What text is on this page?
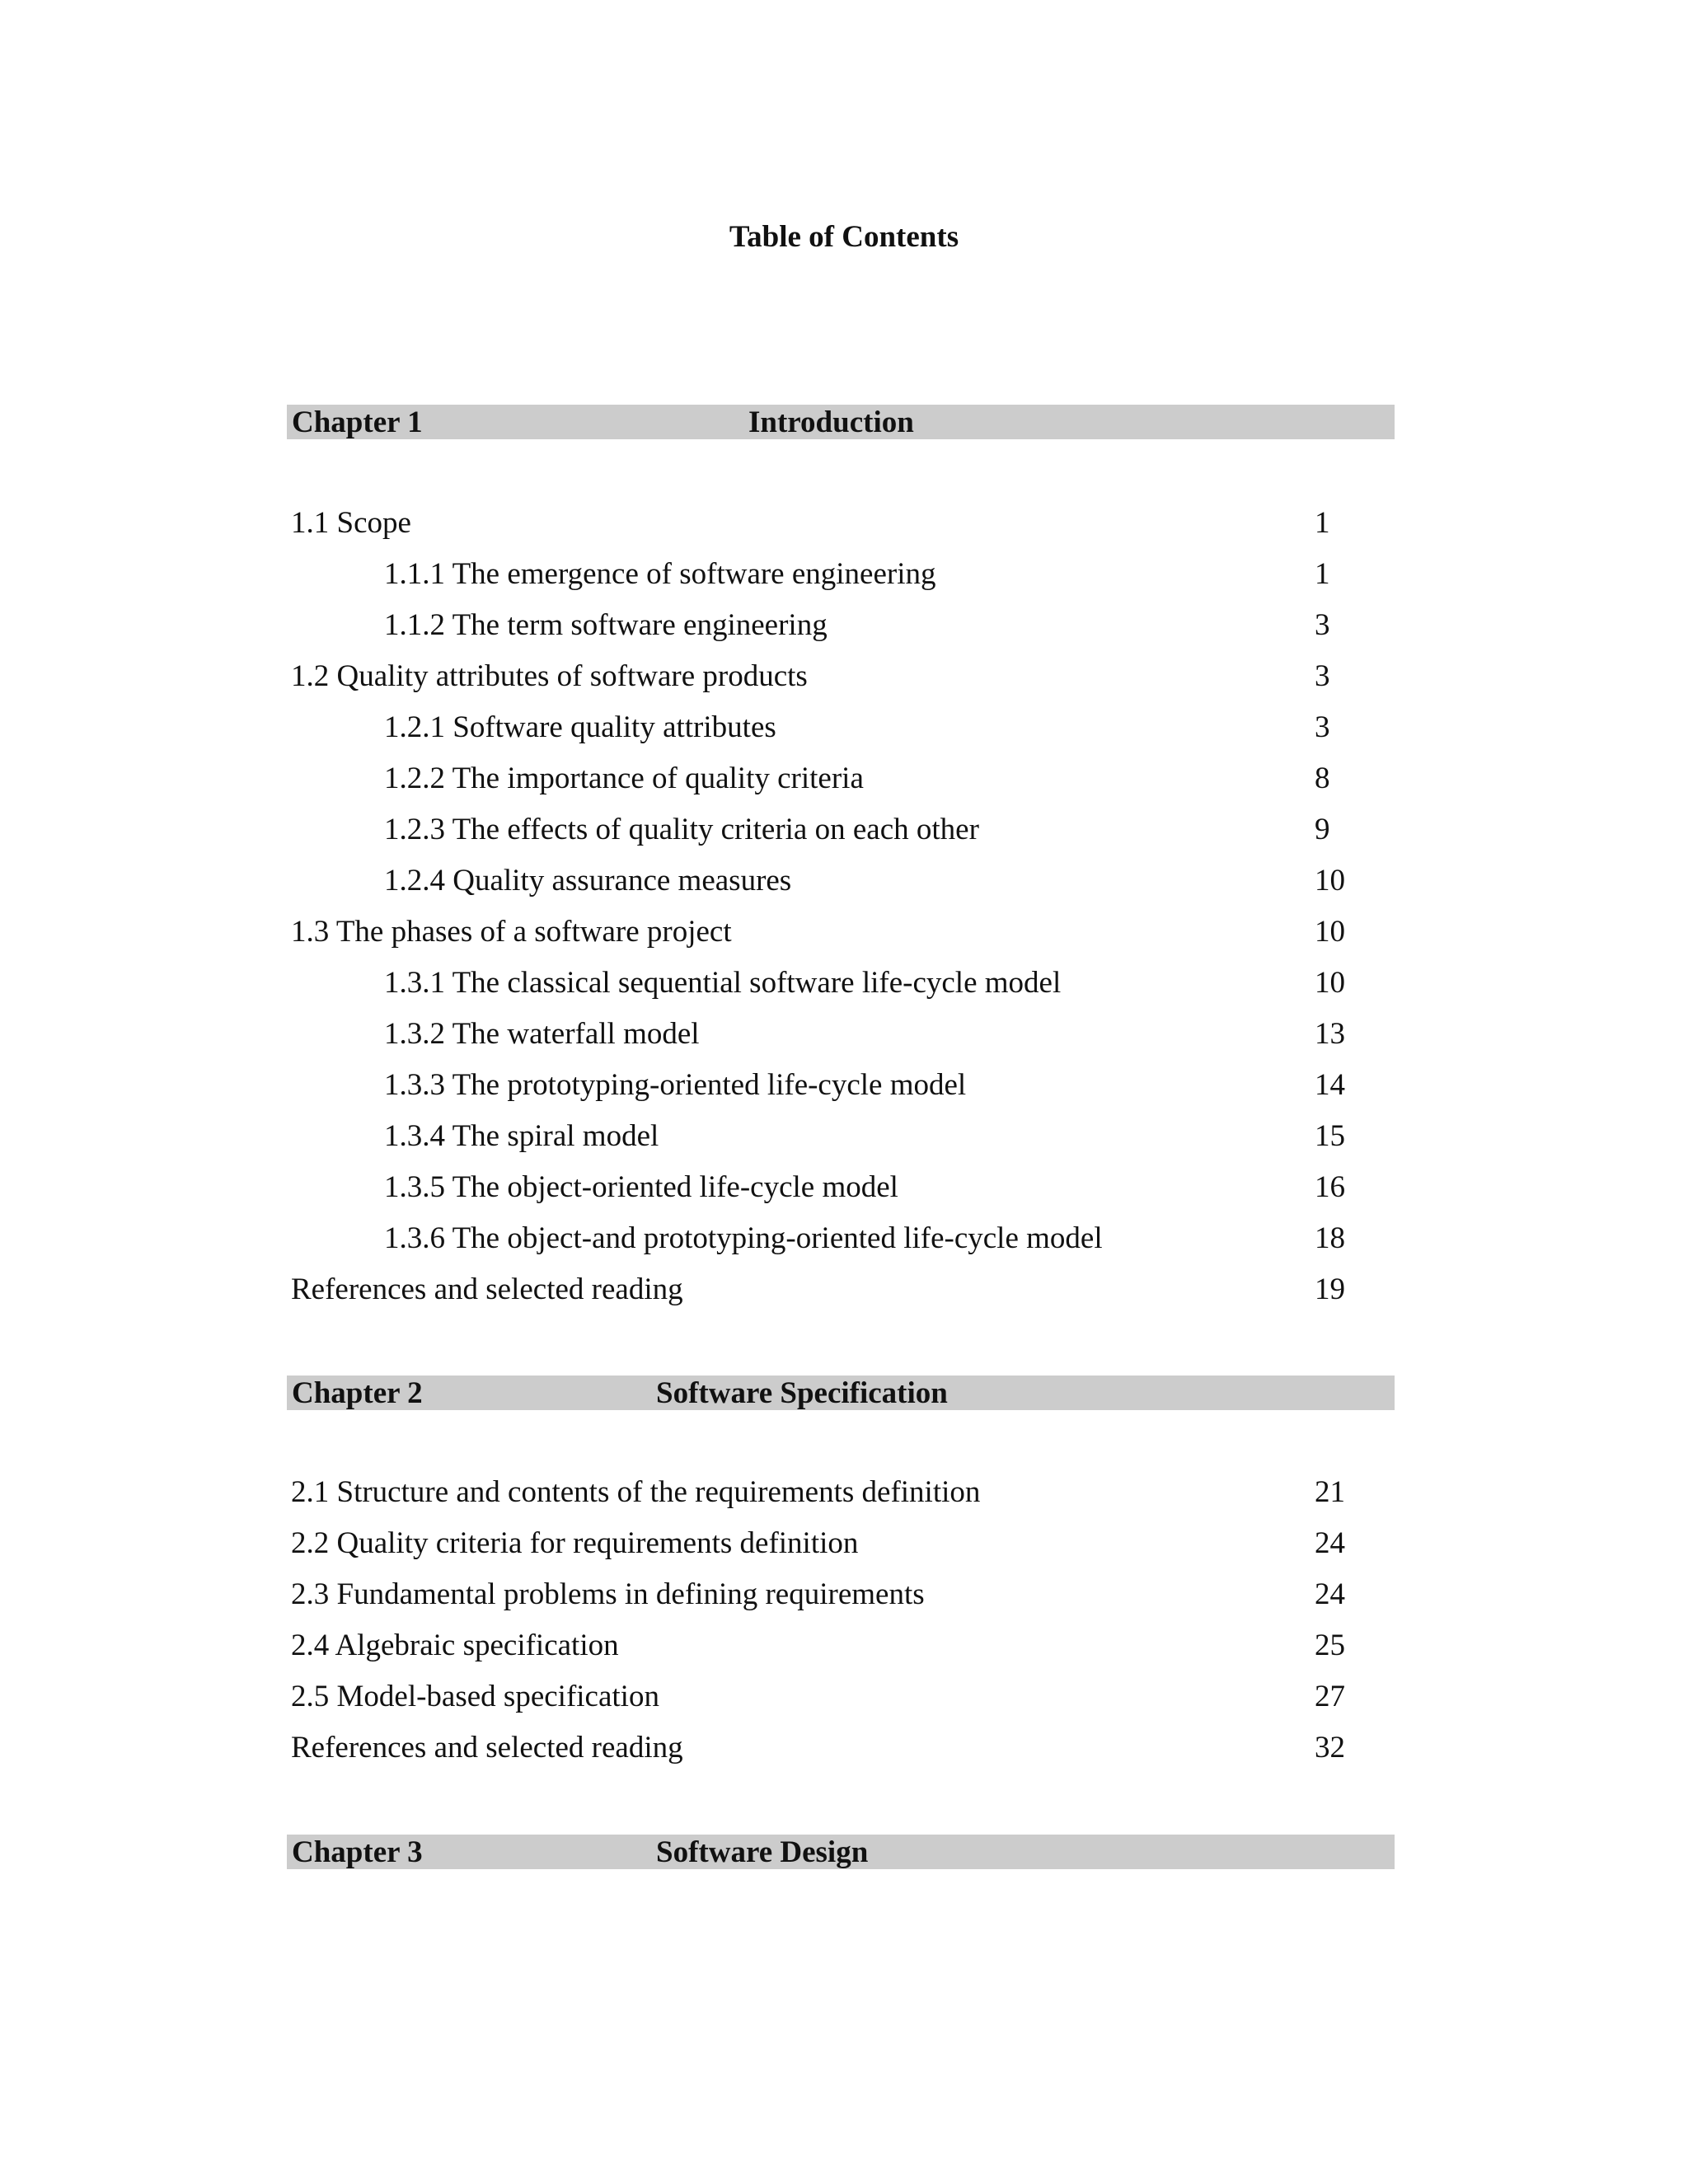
Table of Contents
Chapter 1	Introduction
1.1 Scope	1
1.1.1 The emergence of software engineering	1
1.1.2 The term software engineering	3
1.2 Quality attributes of software products	3
1.2.1 Software quality attributes	3
1.2.2 The importance of quality criteria	8
1.2.3 The effects of quality criteria on each other	9
1.2.4 Quality assurance measures	10
1.3 The phases of a software project	10
1.3.1 The classical sequential software life-cycle model	10
1.3.2 The waterfall model	13
1.3.3 The prototyping-oriented life-cycle model	14
1.3.4 The spiral model	15
1.3.5 The object-oriented life-cycle model	16
1.3.6 The object-and prototyping-oriented life-cycle model	18
References and selected reading	19
Chapter 2	Software Specification
2.1 Structure and contents of the requirements definition	21
2.2 Quality criteria for requirements definition	24
2.3 Fundamental problems in defining requirements	24
2.4 Algebraic specification	25
2.5 Model-based specification	27
References and selected reading	32
Chapter 3	Software Design
